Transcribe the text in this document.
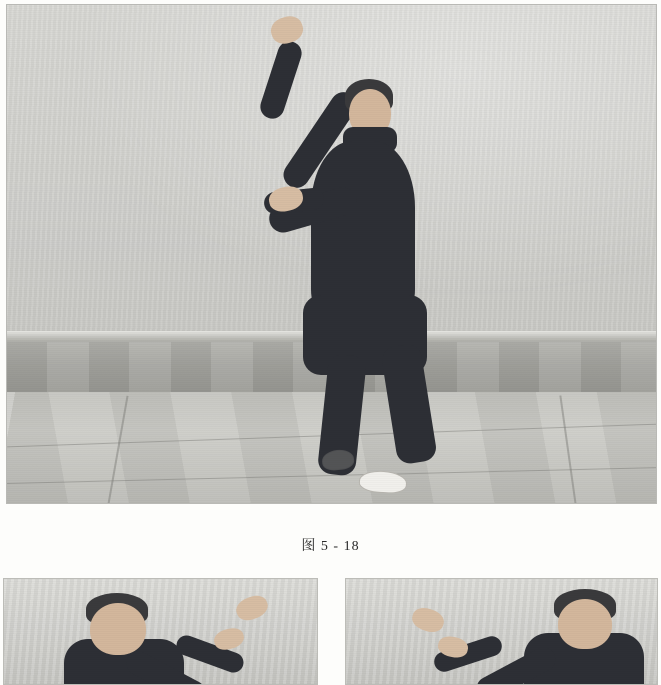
图 5 - 18
